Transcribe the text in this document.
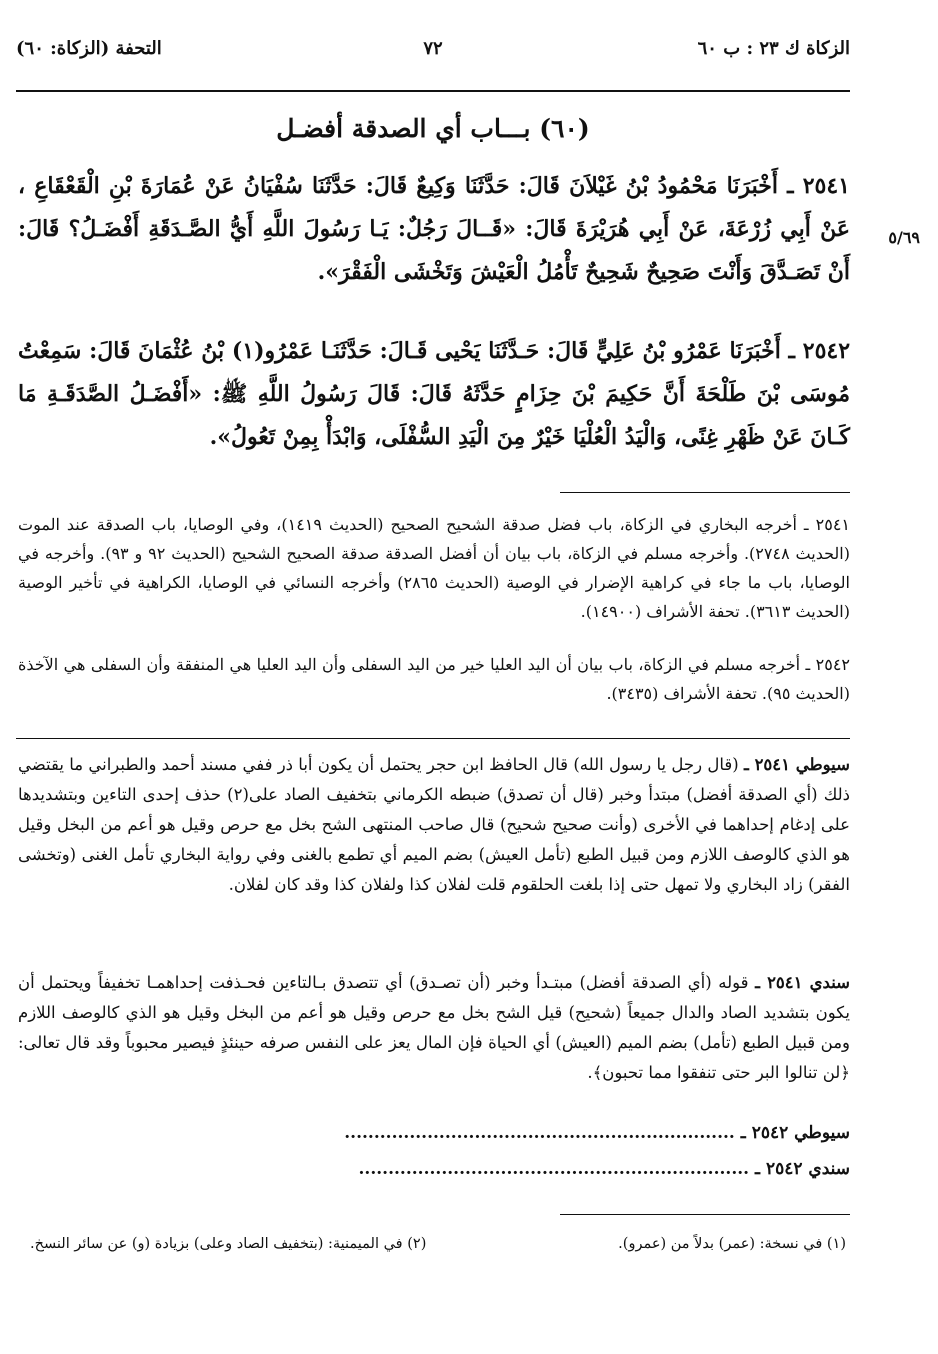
الزكاة ك ٢٣ : ب ٦٠
٧٢
التحفة (الزكاة: ٦٠)
(٦٠) بـــاب أي الصدقة أفضـل
٥/٦٩

٢٥٤١ ـ أَخْبَرَنَا مَحْمُودُ بْنُ غَيْلاَنَ قَالَ: حَدَّثَنَا وَكِيعٌ قَالَ: حَدَّثَنَا سُفْيَانُ عَنْ عُمَارَةَ بْنِ الْقَعْقَاعِ ، عَنْ أَبِي زُرْعَةَ، عَنْ أَبِي هُرَيْرَةَ قَالَ: «قَــالَ رَجُلٌ: يَـا رَسُولَ اللَّهِ أَيُّ الصَّـدَقَةِ أَفْضَـلُ؟ قَالَ: أَنْ تَصَـدَّقَ وَأَنْتَ صَحِيحٌ شَحِيحٌ تَأْمُلُ الْعَيْشَ وَتَخْشَى الْفَقْرَ».

٢٥٤٢ ـ أَخْبَرَنَا عَمْرُو بْنُ عَلِيٍّ قَالَ: حَـدَّثَنَا يَحْيى قَـالَ: حَدَّثَنَـا عَمْرُو(١) بْنُ عُثْمَانَ قَالَ: سَمِعْتُ مُوسَى بْنَ طَلْحَةَ أَنَّ حَكِيمَ بْنَ حِزَامٍ حَدَّثَهُ قَالَ: قَالَ رَسُولُ اللَّهِ ﷺ: «أَفْضَـلُ الصَّدَقَـةِ مَا كَـانَ عَنْ ظَهْرِ غِنًى، وَالْيَدُ الْعُلْيَا خَيْرٌ مِنَ الْيَدِ السُّفْلَى، وَابْدَأْ بِمِنْ تَعُولُ».

٢٥٤١ ـ أخرجه البخاري في الزكاة، باب فضل صدقة الشحيح الصحيح (الحديث ١٤١٩)، وفي الوصايا، باب الصدقة عند الموت (الحديث ٢٧٤٨). وأخرجه مسلم في الزكاة، باب بيان أن أفضل الصدقة صدقة الصحيح الشحيح (الحديث ٩٢ و ٩٣). وأخرجه في الوصايا، باب ما جاء في كراهية الإضرار في الوصية (الحديث ٢٨٦٥) وأخرجه النسائي في الوصايا، الكراهية في تأخير الوصية (الحديث ٣٦١٣). تحفة الأشراف (١٤٩٠٠).

٢٥٤٢ ـ أخرجه مسلم في الزكاة، باب بيان أن اليد العليا خير من اليد السفلى وأن اليد العليا هي المنفقة وأن السفلى هي الآخذة (الحديث ٩٥). تحفة الأشراف (٣٤٣٥).

سيوطي ٢٥٤١ ـ (قال رجل يا رسول الله) قال الحافظ ابن حجر يحتمل أن يكون أبا ذر ففي مسند أحمد والطبراني ما يقتضي ذلك (أي الصدقة أفضل) مبتدأ وخبر (قال أن تصدق) ضبطه الكرماني بتخفيف الصاد على(٢) حذف إحدى التاءين وبتشديدها على إدغام إحداهما في الأخرى (وأنت صحيح شحيح) قال صاحب المنتهى الشح بخل مع حرص وقيل هو أعم من البخل وقيل هو الذي كالوصف اللازم ومن قبيل الطبع (تأمل العيش) بضم الميم أي تطمع بالغنى وفي رواية البخاري تأمل الغنى (وتخشى الفقر) زاد البخاري ولا تمهل حتى إذا بلغت الحلقوم قلت لفلان كذا ولفلان كذا وقد كان لفلان.

سندي ٢٥٤١ ـ قوله (أي الصدقة أفضل) مبتـدأ وخبر (أن تصـدق) أي تتصدق بـالتاءين فحـذفت إحداهمـا تخفيفاً ويحتمل أن يكون بتشديد الصاد والدال جميعاً (شحيح) قيل الشح بخل مع حرص وقيل هو أعم من البخل وقيل هو الذي كالوصف اللازم ومن قبيل الطبع (تأمل) بضم الميم (العيش) أي الحياة فإن المال يعز على النفس صرفه حينئذٍ فيصير محبوباً وقد قال تعالى: ﴿لن تنالوا البر حتى تنفقوا مما تحبون﴾.

سيوطي ٢٥٤٢ ـ ..................................................................
سندي ٢٥٤٢ ـ ..................................................................
(١) في نسخة: (عمر) بدلاً من (عمرو).
(٢) في الميمنية: (بتخفيف الصاد وعلى) بزيادة (و) عن سائر النسخ.
